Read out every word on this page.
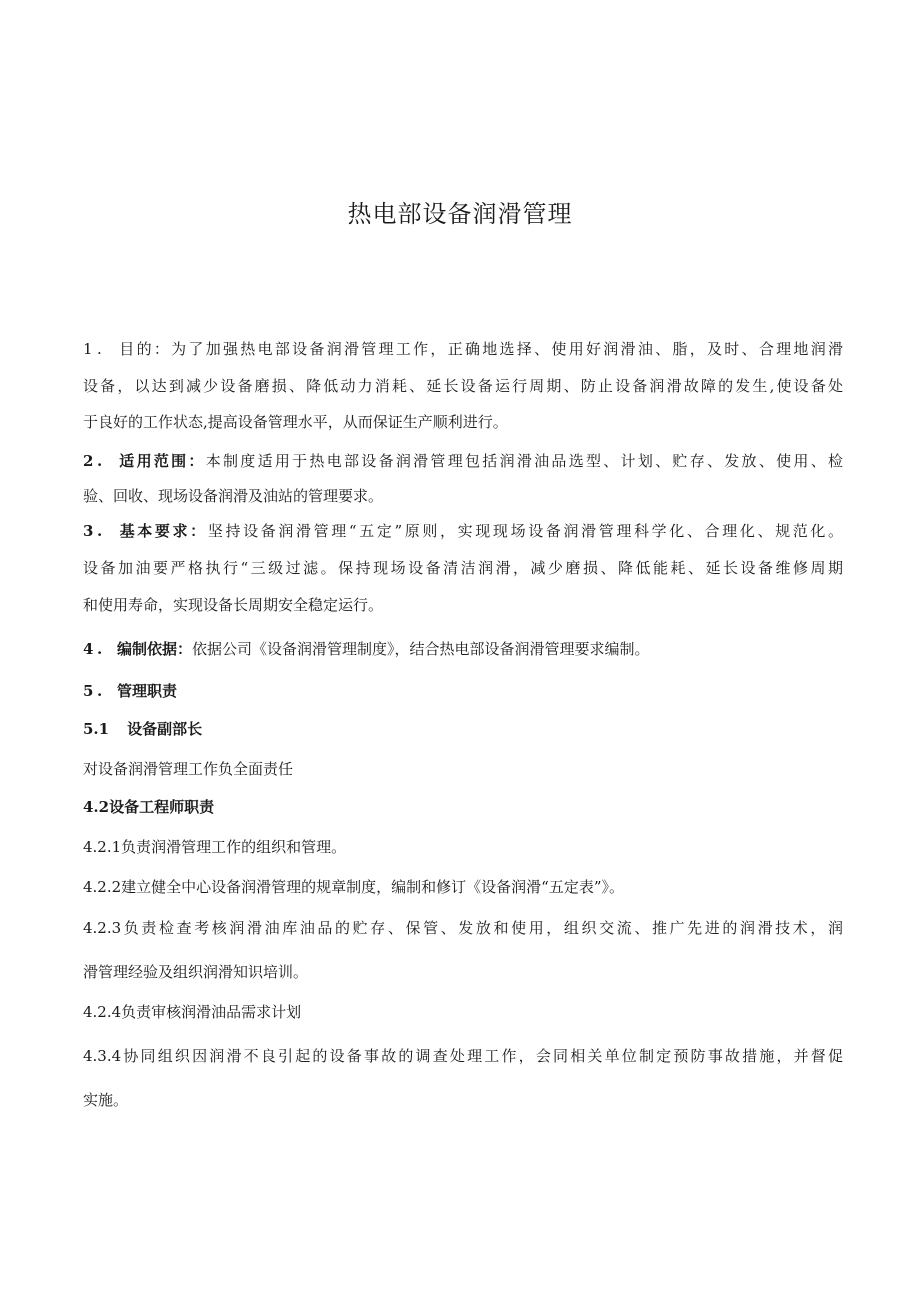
热电部设备润滑管理
1 . 目的：为了加强热电部设备润滑管理工作，正确地选择、使用好润滑油、脂，及时、合理地润滑
设备，以达到减少设备磨损、降低动力消耗、延长设备运行周期、防止设备润滑故障的发生,使设备处
于良好的工作状态,提高设备管理水平，从而保证生产顺利进行。
2 . 适用范围：本制度适用于热电部设备润滑管理包括润滑油品选型、计划、贮存、发放、使用、检
验、回收、现场设备润滑及油站的管理要求。
3 . 基本要求：坚持设备润滑管理“五定”原则，实现现场设备润滑管理科学化、合理化、规范化。
设备加油要严格执行“三级过滤。保持现场设备清洁润滑，减少磨损、降低能耗、延长设备维修周期
和使用寿命，实现设备长周期安全稳定运行。
4 . 编制依据：依据公司《设备润滑管理制度》，结合热电部设备润滑管理要求编制。
5 . 管理职责
5.1 设备副部长
对设备润滑管理工作负全面责任
4.2设备工程师职责
4.2.1负责润滑管理工作的组织和管理。
4.2.2建立健全中心设备润滑管理的规章制度，编制和修订《设备润滑“五定表”》。
4.2.3负责检查考核润滑油库油品的贮存、保管、发放和使用，组织交流、推广先进的润滑技术，润
滑管理经验及组织润滑知识培训。
4.2.4负责审核润滑油品需求计划
4.3.4协同组织因润滑不良引起的设备事故的调查处理工作，会同相关单位制定预防事故措施，并督促
实施。
